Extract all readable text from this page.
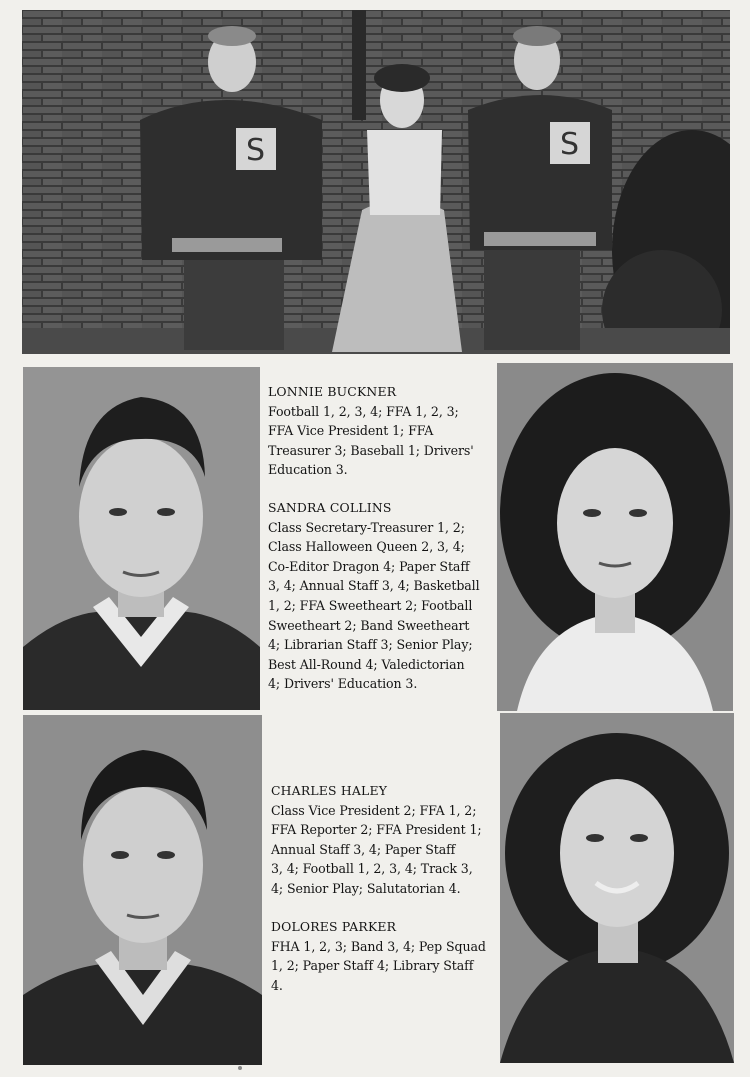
S	S
LONNIE BUCKNER
Football 1, 2, 3, 4; FFA 1, 2, 3;
FFA Vice President 1; FFA
Treasurer 3; Baseball 1; Drivers'
Education 3.
SANDRA COLLINS
Class Secretary-Treasurer 1, 2;
Class Halloween Queen 2, 3, 4;
Co-Editor Dragon 4; Paper Staff
3, 4; Annual Staff 3, 4; Basketball
1, 2; FFA Sweetheart 2; Football
Sweetheart 2; Band Sweetheart
4; Librarian Staff 3; Senior Play;
Best All-Round 4; Valedictorian
4; Drivers' Education 3.
CHARLES HALEY
Class Vice President 2; FFA 1, 2;
FFA Reporter 2; FFA President 1;
Annual Staff 3, 4; Paper Staff
3, 4; Football 1, 2, 3, 4; Track 3,
4; Senior Play; Salutatorian 4.
DOLORES PARKER
FHA 1, 2, 3; Band 3, 4; Pep Squad
1, 2; Paper Staff 4; Library Staff
4.
